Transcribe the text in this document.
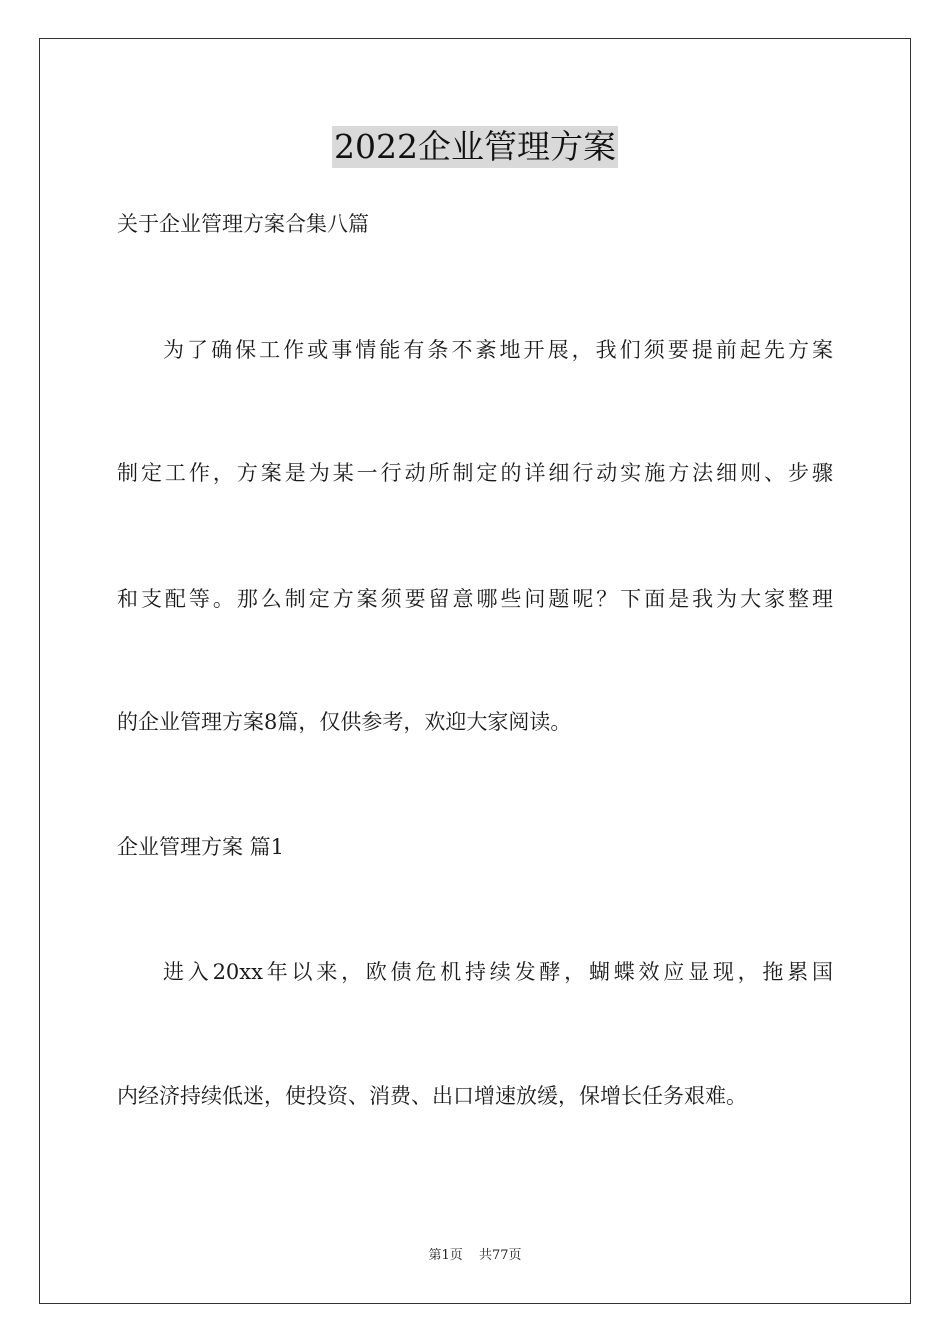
2022企业管理方案
关于企业管理方案合集八篇
为了确保工作或事情能有条不紊地开展，我们须要提前起先方案
制定工作，方案是为某一行动所制定的详细行动实施方法细则、步骤
和支配等。那么制定方案须要留意哪些问题呢？下面是我为大家整理
的企业管理方案8篇，仅供参考，欢迎大家阅读。
企业管理方案 篇1
进入20xx年以来，欧债危机持续发酵，蝴蝶效应显现，拖累国
内经济持续低迷，使投资、消费、出口增速放缓，保增长任务艰难。
第1页 共77页
